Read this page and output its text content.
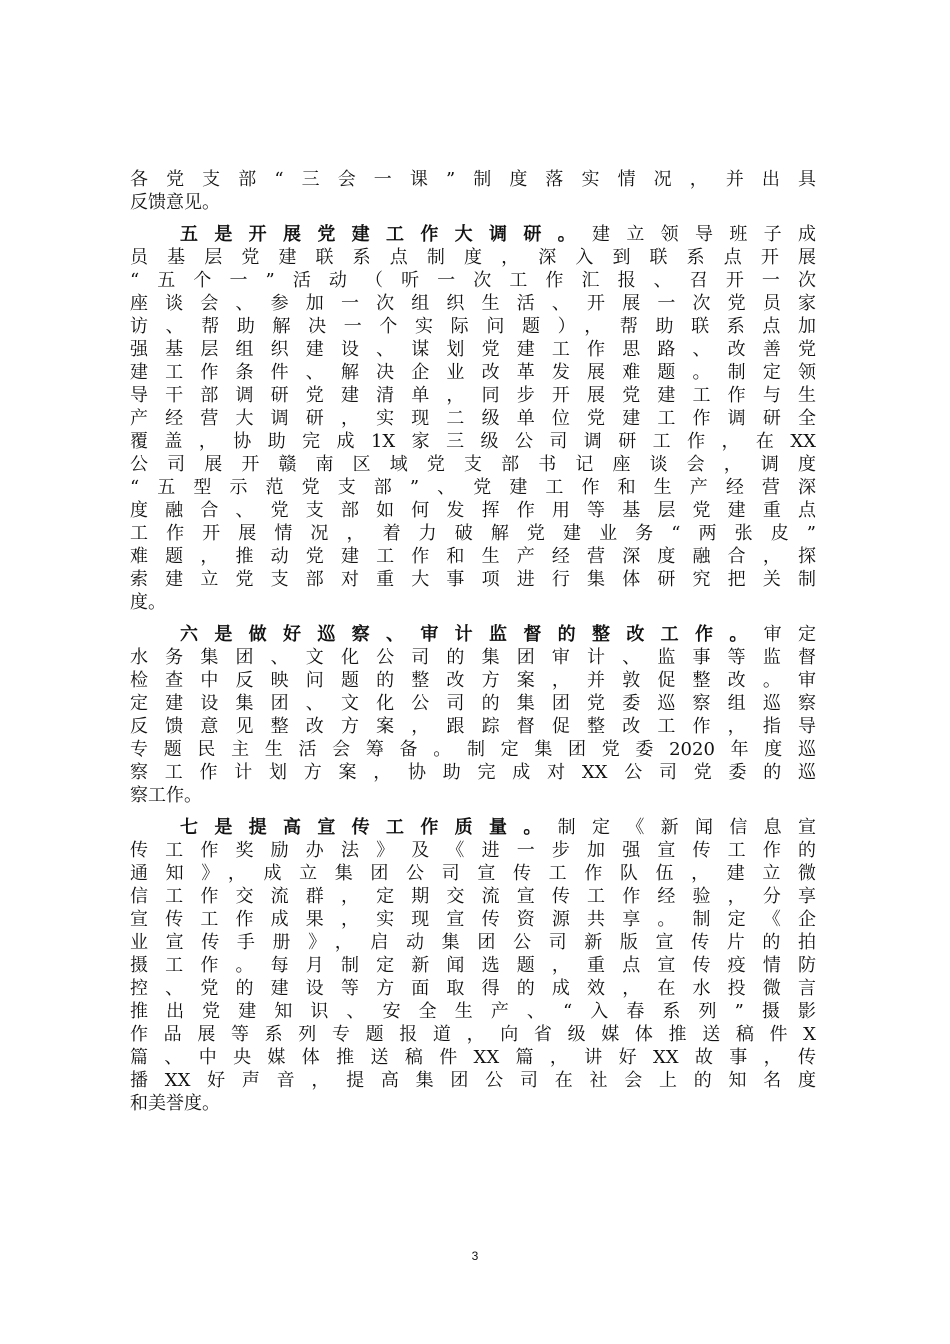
各党支部“三会一课”制度落实情况，并出具
反馈意见。
五是开展党建工作大调研。建立领导班子成
员基层党建联系点制度，深入到联系点开展
“五个一”活动（听一次工作汇报、召开一次
座谈会、参加一次组织生活、开展一次党员家
访、帮助解决一个实际问题），帮助联系点加
强基层组织建设、谋划党建工作思路、改善党
建工作条件、解决企业改革发展难题。制定领
导干部调研党建清单，同步开展党建工作与生
产经营大调研，实现二级单位党建工作调研全
覆盖，协助完成1X家三级公司调研工作，在XX
公司展开赣南区域党支部书记座谈会，调度
“五型示范党支部”、党建工作和生产经营深
度融合、党支部如何发挥作用等基层党建重点
工作开展情况，着力破解党建业务“两张皮”
难题，推动党建工作和生产经营深度融合，探
索建立党支部对重大事项进行集体研究把关制
度。
六是做好巡察、审计监督的整改工作。审定
水务集团、文化公司的集团审计、监事等监督
检查中反映问题的整改方案，并敦促整改。审
定建设集团、文化公司的集团党委巡察组巡察
反馈意见整改方案，跟踪督促整改工作，指导
专题民主生活会筹备。制定集团党委2020年度巡
察工作计划方案，协助完成对XX公司党委的巡
察工作。
七是提高宣传工作质量。制定《新闻信息宣
传工作奖励办法》及《进一步加强宣传工作的
通知》，成立集团公司宣传工作队伍，建立微
信工作交流群，定期交流宣传工作经验，分享
宣传工作成果，实现宣传资源共享。制定《企
业宣传手册》，启动集团公司新版宣传片的拍
摄工作。每月制定新闻选题，重点宣传疫情防
控、党的建设等方面取得的成效，在水投微言
推出党建知识、安全生产、“入春系列”摄影
作品展等系列专题报道，向省级媒体推送稿件X
篇、中央媒体推送稿件XX篇，讲好XX故事，传
播XX好声音，提高集团公司在社会上的知名度
和美誉度。
3
